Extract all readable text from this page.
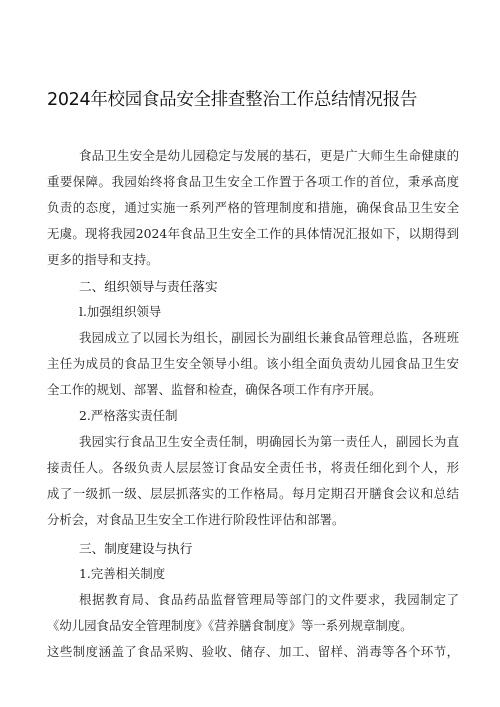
2024年校园食品安全排查整治工作总结情况报告
食品卫生安全是幼儿园稳定与发展的基石，更是广大师生生命健康的
重要保障。我园始终将食品卫生安全工作置于各项工作的首位，秉承高度
负责的态度，通过实施一系列严格的管理制度和措施，确保食品卫生安全
无虞。现将我园2024年食品卫生安全工作的具体情况汇报如下，以期得到
更多的指导和支持。
二、组织领导与责任落实
l.加强组织领导
我园成立了以园长为组长，副园长为副组长兼食品管理总监，各班班
主任为成员的食品卫生安全领导小组。该小组全面负责幼儿园食品卫生安
全工作的规划、部署、监督和检查，确保各项工作有序开展。
2.严格落实责任制
我园实行食品卫生安全责任制，明确园长为第一责任人，副园长为直
接责任人。各级负责人层层签订食品安全责任书，将责任细化到个人，形
成了一级抓一级、层层抓落实的工作格局。每月定期召开膳食会议和总结
分析会，对食品卫生安全工作进行阶段性评估和部署。
三、制度建设与执行
1.完善相关制度
根据教育局、食品药品监督管理局等部门的文件要求，我园制定了
《幼儿园食品安全管理制度》《营养膳食制度》等一系列规章制度。
这些制度涵盖了食品采购、验收、储存、加工、留样、消毒等各个环节，
